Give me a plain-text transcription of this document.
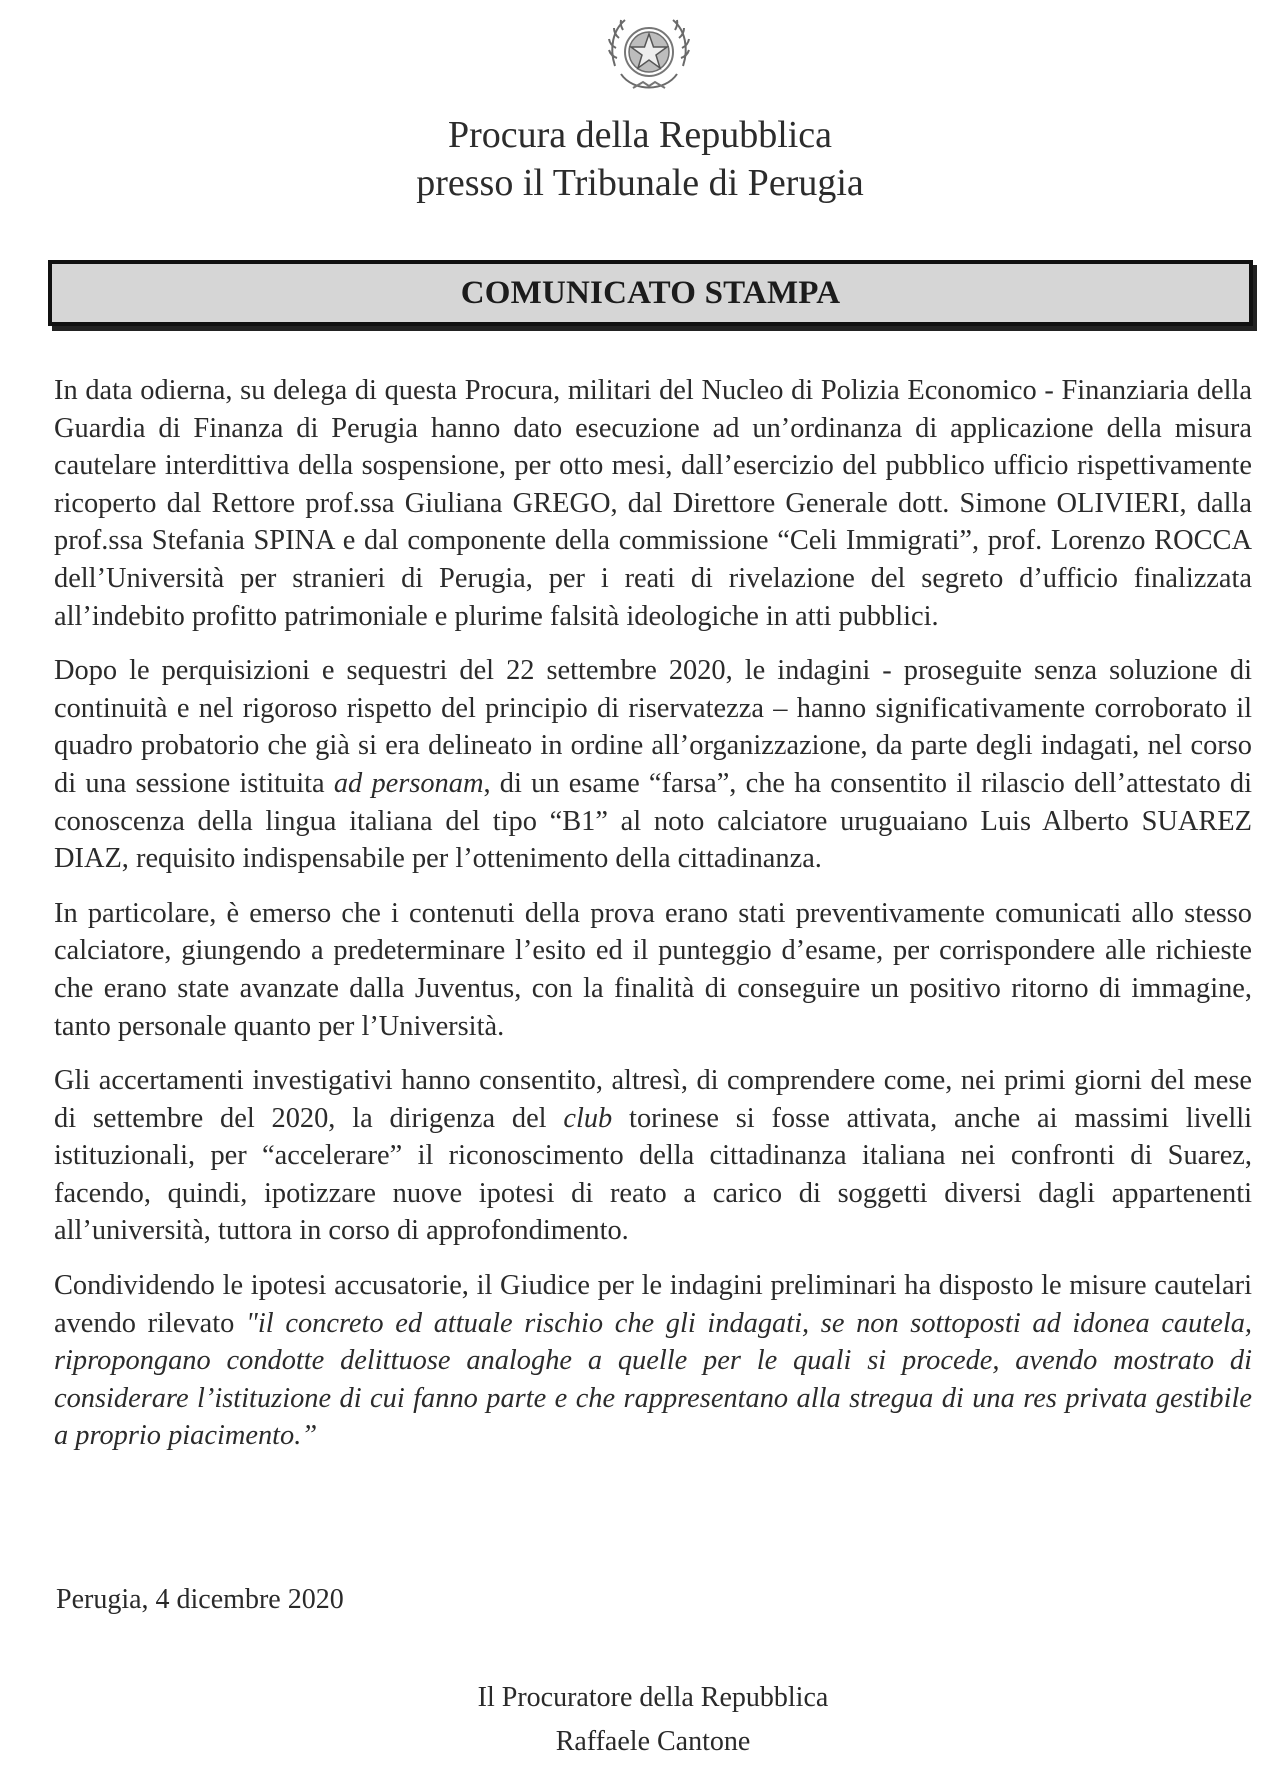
Procura della Repubblica
presso il Tribunale di Perugia
COMUNICATO STAMPA

In data odierna, su delega di questa Procura, militari del Nucleo di Polizia Economico - Finanziaria della Guardia di Finanza di Perugia hanno dato esecuzione ad un’ordinanza di applicazione della misura cautelare interdittiva della sospensione, per otto mesi, dall’esercizio del pubblico ufficio rispettivamente ricoperto dal Rettore prof.ssa Giuliana GREGO, dal Direttore Generale dott. Simone OLIVIERI, dalla prof.ssa Stefania SPINA e dal componente della commissione “Celi Immigrati”, prof. Lorenzo ROCCA dell’Università per stranieri di Perugia, per i reati di rivelazione del segreto d’ufficio finalizzata all’indebito profitto patrimoniale e plurime falsità ideologiche in atti pubblici.

Dopo le perquisizioni e sequestri del 22 settembre 2020, le indagini - proseguite senza soluzione di continuità e nel rigoroso rispetto del principio di riservatezza – hanno significativamente corroborato il quadro probatorio che già si era delineato in ordine all’organizzazione, da parte degli indagati, nel corso di una sessione istituita ad personam, di un esame “farsa”, che ha consentito il rilascio dell’attestato di conoscenza della lingua italiana del tipo “B1” al noto calciatore uruguaiano Luis Alberto SUAREZ DIAZ, requisito indispensabile per l’ottenimento della cittadinanza.

In particolare, è emerso che i contenuti della prova erano stati preventivamente comunicati allo stesso calciatore, giungendo a predeterminare l’esito ed il punteggio d’esame, per corrispondere alle richieste che erano state avanzate dalla Juventus, con la finalità di conseguire un positivo ritorno di immagine, tanto personale quanto per l’Università.

Gli accertamenti investigativi hanno consentito, altresì, di comprendere come, nei primi giorni del mese di settembre del 2020, la dirigenza del club torinese si fosse attivata, anche ai massimi livelli istituzionali, per “accelerare” il riconoscimento della cittadinanza italiana nei confronti di Suarez, facendo, quindi, ipotizzare nuove ipotesi di reato a carico di soggetti diversi dagli appartenenti all’università, tuttora in corso di approfondimento.

Condividendo le ipotesi accusatorie, il Giudice per le indagini preliminari ha disposto le misure cautelari avendo rilevato "il concreto ed attuale rischio che gli indagati, se non sottoposti ad idonea cautela, ripropongano condotte delittuose analoghe a quelle per le quali si procede, avendo mostrato di considerare l’istituzione di cui fanno parte e che rappresentano alla stregua di una res privata gestibile a proprio piacimento.”

Perugia, 4 dicembre 2020
Il Procuratore della Repubblica
Raffaele Cantone
